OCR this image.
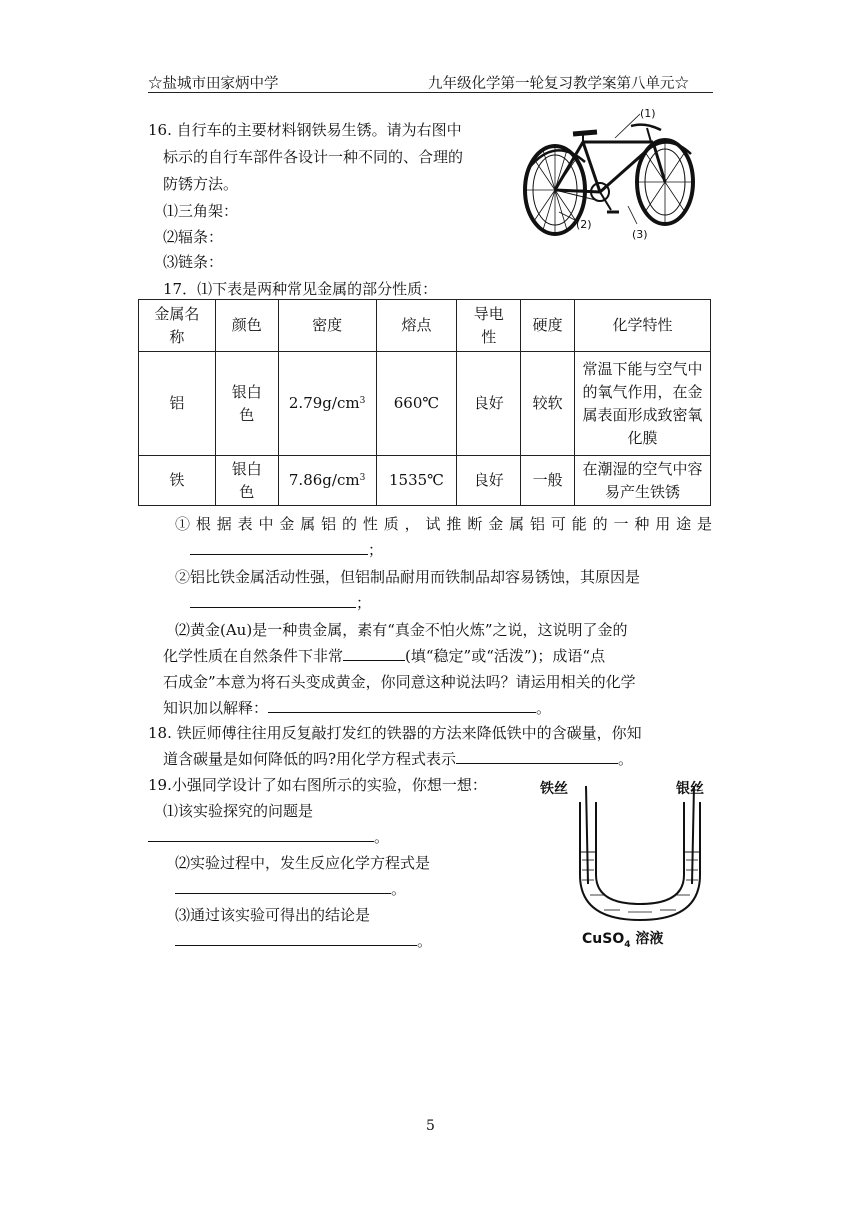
☆盐城市田家炳中学	九年级化学第一轮复习教学案第八单元☆
16. 自行车的主要材料钢铁易生锈。请为右图中
标示的自行车部件各设计一种不同的、合理的
防锈方法。
⑴三角架：
⑵辐条：
⑶链条：
(1)
(2)
(3)
17．⑴下表是两种常见金属的部分性质：
金属名称	颜色	密度	熔点	导电性	硬度	化学特性
铝	银白色	$2.79g/cm^3$	660℃	良好	较软	常温下能与空气中的氧气作用，在金属表面形成致密氧化膜

铁	银白色	$7.86g/cm^3$	1535℃	良好	一般	在潮湿的空气中容易产生铁锈
①根据表中金属铝的性质，试推断金属铝可能的一种用途是
；
②铝比铁金属活动性强，但铝制品耐用而铁制品却容易锈蚀，其原因是
；
⑵黄金(Au)是一种贵金属，素有“真金不怕火炼”之说，这说明了金的
化学性质在自然条件下非常	(填“稳定”或“活泼”)；成语“点
石成金”本意为将石头变成黄金，你同意这种说法吗？请运用相关的化学
知识加以解释：	。
18. 铁匠师傅往往用反复敲打发红的铁器的方法来降低铁中的含碳量，你知
道含碳量是如何降低的吗?用化学方程式表示	。
19.小强同学设计了如右图所示的实验，你想一想：
⑴该实验探究的问题是
。
⑵实验过程中，发生反应化学方程式是
。
⑶通过该实验可得出的结论是
。
铁丝	银丝
CuSO$_4$ 溶液
5
